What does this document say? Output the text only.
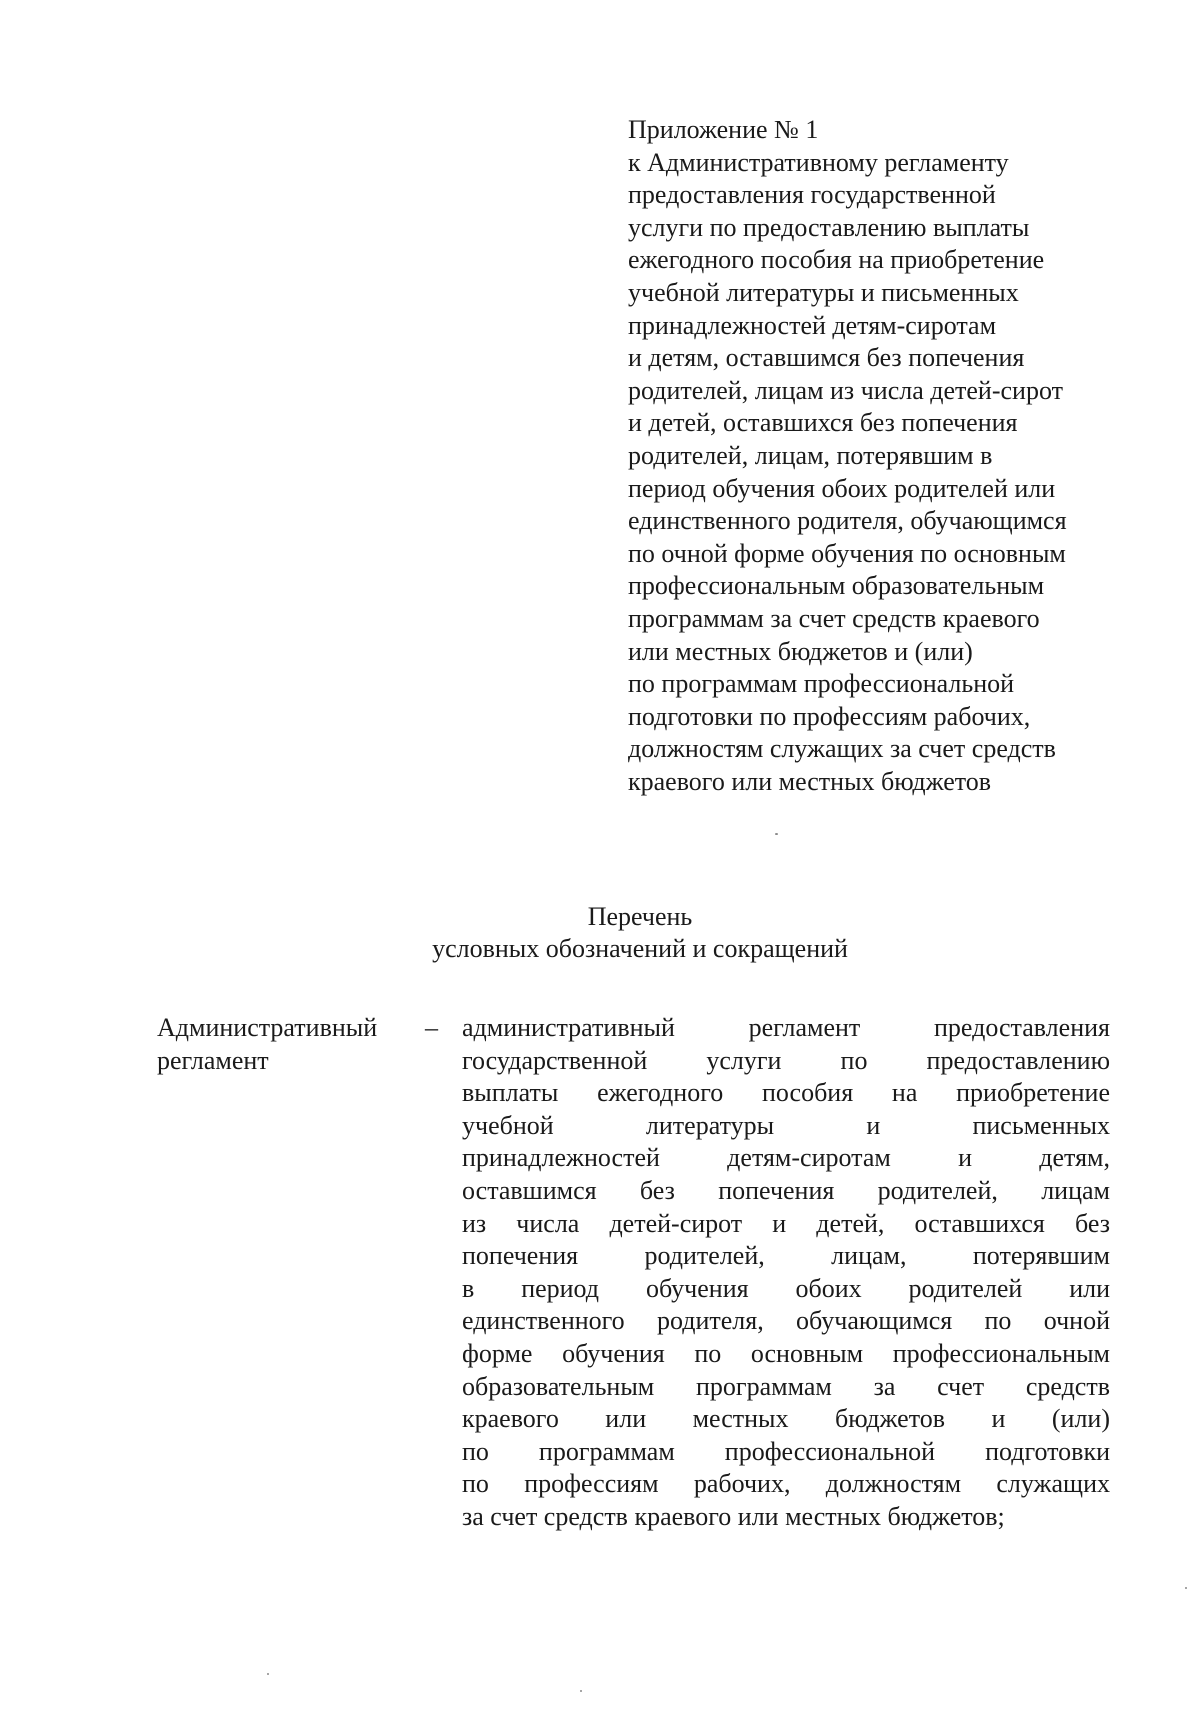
Приложение № 1
к Административному регламенту
предоставления государственной
услуги по предоставлению выплаты
ежегодного пособия на приобретение
учебной литературы и письменных
принадлежностей детям-сиротам
и детям, оставшимся без попечения
родителей, лицам из числа детей-сирот
и детей, оставшихся без попечения
родителей, лицам, потерявшим в
период обучения обоих родителей или
единственного родителя, обучающимся
по очной форме обучения по основным
профессиональным образовательным
программам за счет средств краевого
или местных бюджетов и (или)
по программам профессиональной
подготовки по профессиям рабочих,
должностям служащих за счет средств
краевого или местных бюджетов
Перечень
условных обозначений и сокращений
Административный
регламент
– административный регламент предоставления
государственной услуги по предоставлению
выплаты ежегодного пособия на приобретение
учебной литературы и письменных
принадлежностей детям-сиротам и детям,
оставшимся без попечения родителей, лицам
из числа детей-сирот и детей, оставшихся без
попечения родителей, лицам, потерявшим
в период обучения обоих родителей или
единственного родителя, обучающимся по очной
форме обучения по основным профессиональным
образовательным программам за счет средств
краевого или местных бюджетов и (или)
по программам профессиональной подготовки
по профессиям рабочих, должностям служащих
за счет средств краевого или местных бюджетов;
